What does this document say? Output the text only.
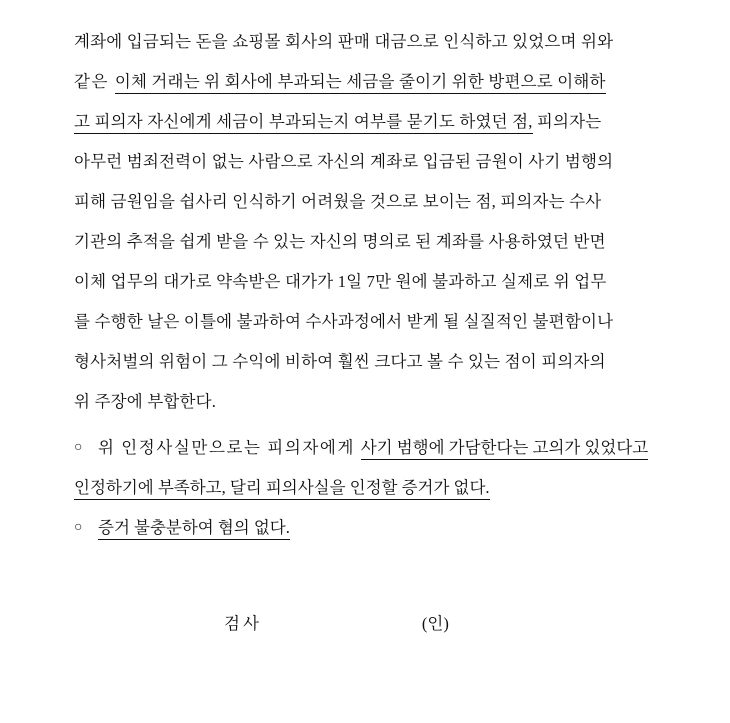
계좌에 입금되는 돈을 쇼핑몰 회사의 판매 대금으로 인식하고 있었으며 위와
같은 이체 거래는 위 회사에 부과되는 세금을 줄이기 위한 방편으로 이해하
고 피의자 자신에게 세금이 부과되는지 여부를 묻기도 하였던 점, 피의자는
아무런 범죄전력이 없는 사람으로 자신의 계좌로 입금된 금원이 사기 범행의
피해 금원임을 쉽사리 인식하기 어려웠을 것으로 보이는 점, 피의자는 수사
기관의 추적을 쉽게 받을 수 있는 자신의 명의로 된 계좌를 사용하였던 반면
이체 업무의 대가로 약속받은 대가가 1일 7만 원에 불과하고 실제로 위 업무
를 수행한 날은 이틀에 불과하여 수사과정에서 받게 될 실질적인 불편함이나
형사처벌의 위험이 그 수익에 비하여 훨씬 크다고 볼 수 있는 점이 피의자의
위 주장에 부합한다.
○ 위 인정사실만으로는 피의자에게 사기 범행에 가담한다는 고의가 있었다고
인정하기에 부족하고, 달리 피의사실을 인정할 증거가 없다.
○ 증거 불충분하여 혐의 없다.
검사	(인)
